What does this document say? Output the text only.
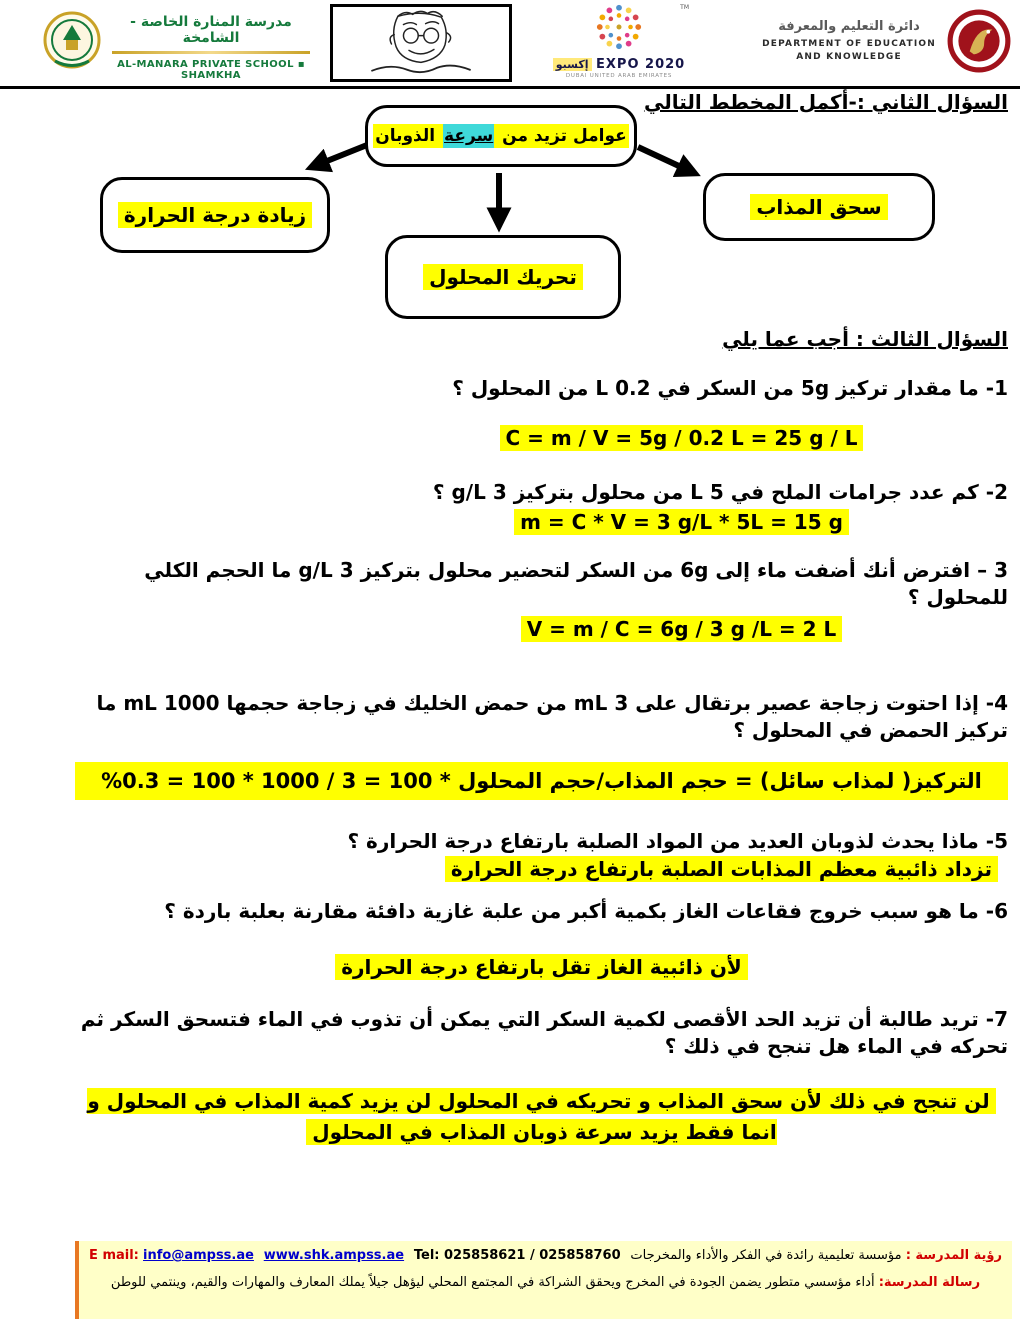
مدرسة المنارة الخاصة - الشامخة
AL-MANARA PRIVATE SCHOOL ▪ SHAMKHA
TM
إكسبو EXPO 2020
DUBAI UNITED ARAB EMIRATES
دائرة التعليم والمعرفة
DEPARTMENT OF EDUCATION
AND KNOWLEDGE
السؤال الثاني :-أكمل المخطط التالي
عوامل تزيد من سرعة الذوبان
زيادة درجة الحرارة	سحق المذاب
تحريك المحلول
السؤال الثالث : أجب عما يلي

1- ما مقدار تركيز 5g من السكر في 0.2 L من المحلول ؟

C = m / V = 5g / 0.2 L = 25 g / L

2- كم عدد جرامات الملح في 5 L من محلول بتركيز 3 g/L ؟

m = C * V = 3 g/L * 5L = 15 g

3 – افترض أنك أضفت ماء إلى 6g من السكر لتحضير محلول بتركيز 3 g/L ما الحجم الكلي للمحلول ؟

V = m / C = 6g / 3 g /L = 2 L

4- إذا احتوت زجاجة عصير برتقال على 3 mL من حمض الخليك في زجاجة حجمها 1000 mL ما تركيز الحمض في المحلول ؟

التركيز( لمذاب سائل) = حجم المذاب/حجم المحلول * 100 = 3 / 1000 * 100 = 0.3%

5- ماذا يحدث لذوبان العديد من المواد الصلبة بارتفاع درجة الحرارة ؟

تزداد ذائبية معظم المذابات الصلبة بارتفاع درجة الحرارة

6- ما هو سبب خروج فقاعات الغاز بكمية أكبر من علبة غازية دافئة مقارنة بعلبة باردة ؟

لأن ذائبية الغاز تقل بارتفاع درجة الحرارة

7- تريد طالبة أن تزيد الحد الأقصى لكمية السكر التي يمكن أن تذوب في الماء فتسحق السكر ثم تحركه في الماء هل تنجح في ذلك ؟

لن تنجح في ذلك لأن سحق المذاب و تحريكه في المحلول لن يزيد كمية المذاب في المحلول و انما فقط يزيد سرعة ذوبان المذاب في المحلول

رؤية المدرسة : مؤسسة تعليمية رائدة في الفكر والأداء والمخرجات
Tel: 025858621 / 025858760
www.shk.ampss.ae
E mail: info@ampss.ae
رسالة المدرسة: أداء مؤسسي متطور يضمن الجودة في المخرج ويحقق الشراكة في المجتمع المحلي ليؤهل جيلاً يملك المعارف والمهارات والقيم، وينتمي للوطن
